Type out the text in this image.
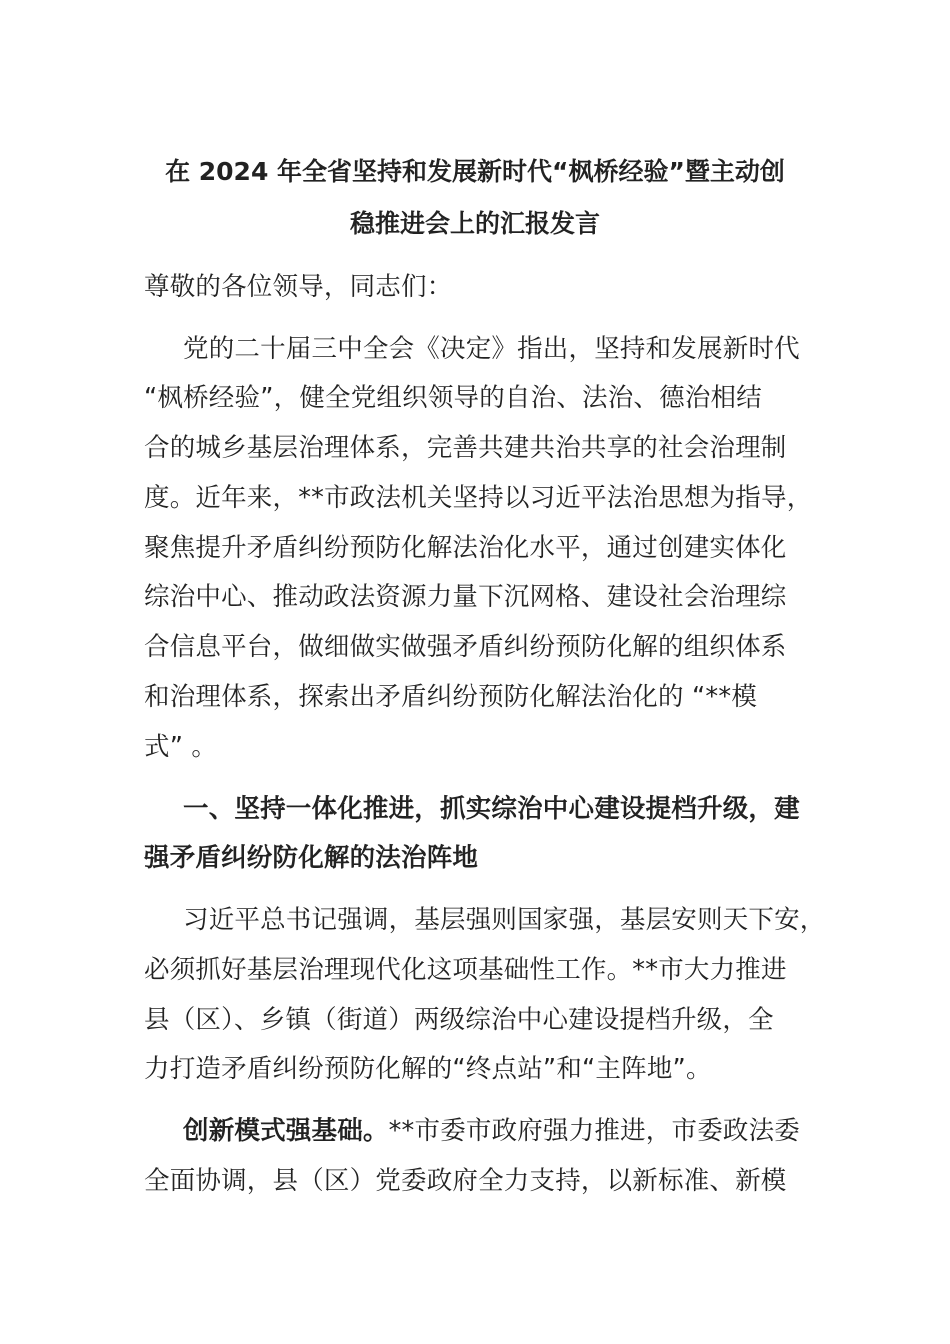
在 2024 年全省坚持和发展新时代“枫桥经验”暨主动创
稳推进会上的汇报发言
尊敬的各位领导，同志们：
党的二十届三中全会《决定》指出，坚持和发展新时代
“枫桥经验”，健全党组织领导的自治、法治、德治相结
合的城乡基层治理体系，完善共建共治共享的社会治理制
度。近年来，**市政法机关坚持以习近平法治思想为指导，
聚焦提升矛盾纠纷预防化解法治化水平，通过创建实体化
综治中心、推动政法资源力量下沉网格、建设社会治理综
合信息平台，做细做实做强矛盾纠纷预防化解的组织体系
和治理体系，探索出矛盾纠纷预防化解法治化的 “**模
式” 。
一、坚持一体化推进，抓实综治中心建设提档升级，建
强矛盾纠纷防化解的法治阵地
习近平总书记强调，基层强则国家强，基层安则天下安，
必须抓好基层治理现代化这项基础性工作。**市大力推进
县（区）、乡镇（街道）两级综治中心建设提档升级，全
力打造矛盾纠纷预防化解的“终点站”和“主阵地”。
创新模式强基础。**市委市政府强力推进，市委政法委
全面协调，县（区）党委政府全力支持，以新标准、新模
